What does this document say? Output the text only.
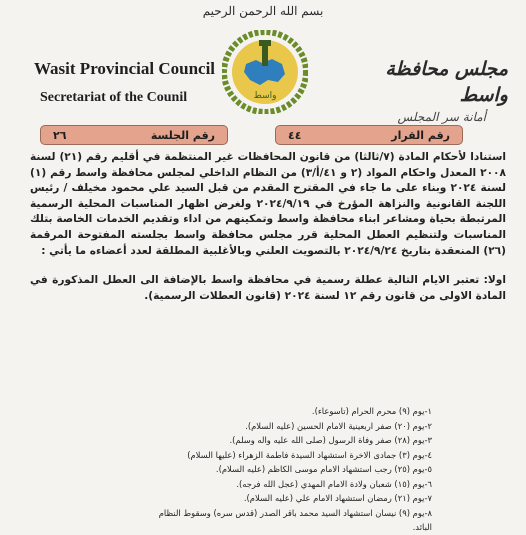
بسم الله الرحمن الرحيم
Wasit Provincial Council
Secretariat of the Counil	واسط
مجلس محافظة واسط
أمانة سر المجلس
رقم القرار
٤٤
رقم الجلسة
٢٦

استنادا لأحكام المادة (٧/ثالثا) من قانون المحافظات غير المنتظمة في أقليم رقم (٢١) لسنة ٢٠٠٨ المعدل واحكام المواد (٢ و ٤١/أ/٣) من النظام الداخلي لمجلس محافظة واسط رقم (١) لسنة ٢٠٢٤ وبناء على ما جاء في المقترح المقدم من قبل السيد علي محمود مخيلف / رئيس اللجنة القانونية والنزاهة المؤرخ في ٢٠٢٤/٩/١٩ ولغرض اظهار المناسبات المحلية الرسمية المرتبطة بحياة ومشاعر ابناء محافظة واسط وتمكينهم من اداء وتقديم الخدمات الخاصة بتلك المناسبات ولتنظيم العطل المحلية قرر مجلس محافظة واسط بجلسته المفتوحة المرقمة (٢٦) المنعقدة بتاريخ ٢٠٢٤/٩/٢٤ بالتصويت العلني وبالأغلبية المطلقة لعدد أعضاءه ما يأتي :

اولا: تعتبر الايام التالية عطلة رسمية في محافظة واسط بالإضافة الى العطل المذكورة في المادة الاولى من قانون رقم ١٢ لسنة ٢٠٢٤ (قانون العطلات الرسمية).

١-يوم (٩) محرم الحرام (تاسوعاء).
٢-يوم (٢٠) صفر اربعينية الامام الحسين (عليه السلام).
٣-يوم (٢٨) صفر وفاة الرسول (صلى الله عليه واله وسلم).
٤-يوم (٣) جمادى الاخرة استشهاد السيدة فاطمة الزهراء (عليها السلام)
٥-يوم (٢٥) رجب استشهاد الامام موسى الكاظم (عليه السلام).
٦-يوم (١٥) شعبان ولادة الامام المهدي (عجل الله فرجه).
٧-يوم (٢١) رمضان استشهاد الامام علي (عليه السلام).
٨-يوم (٩) نيسان استشهاد السيد محمد باقر الصدر (قدس سره) وسقوط النظام البائد.
